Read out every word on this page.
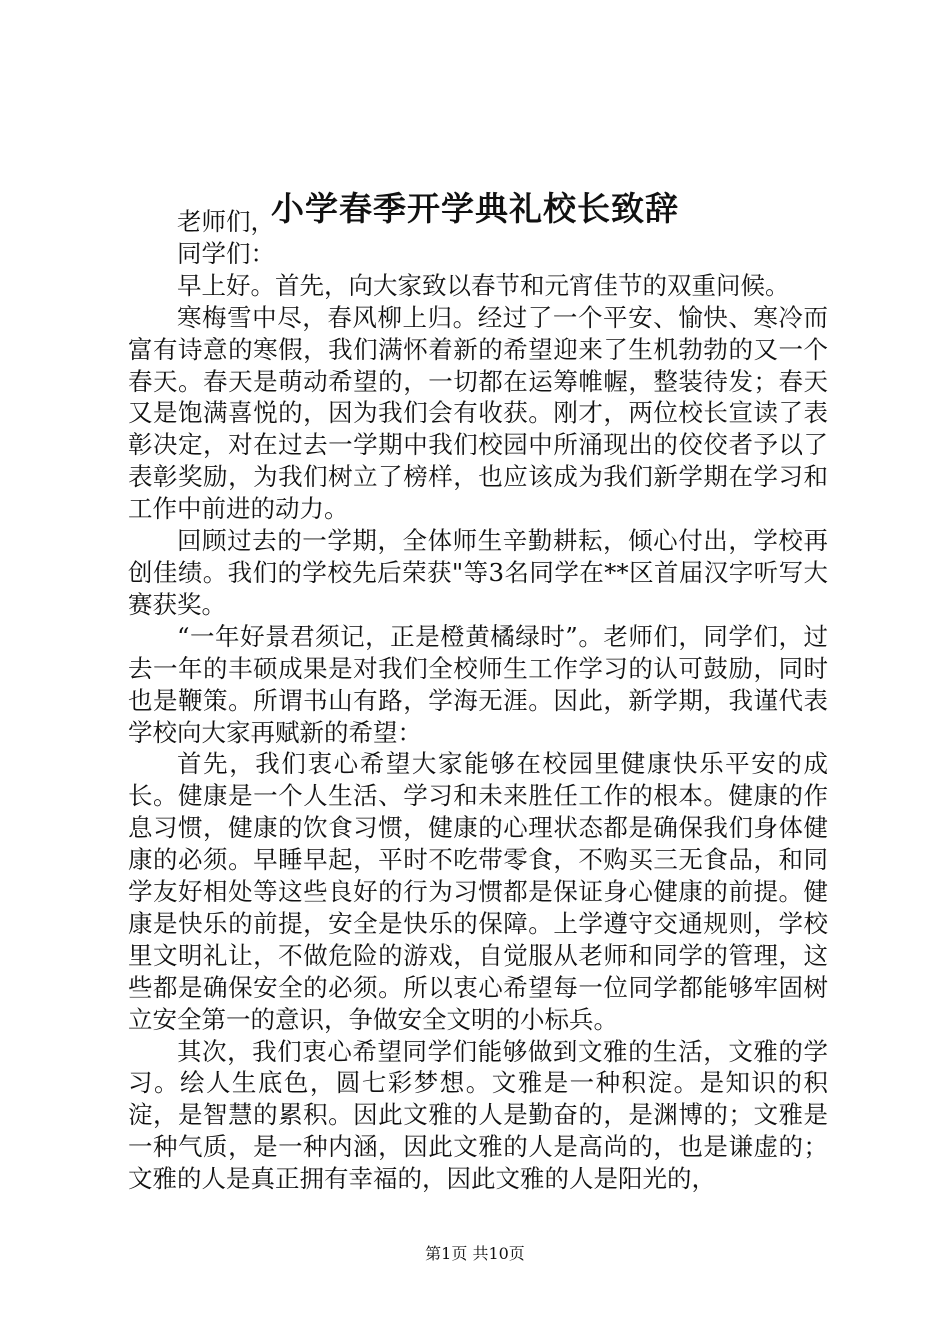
小学春季开学典礼校长致辞

老师们，

同学们：

早上好。首先，向大家致以春节和元宵佳节的双重问候。

寒梅雪中尽，春风柳上归。经过了一个平安、愉快、寒冷而富有诗意的寒假，我们满怀着新的希望迎来了生机勃勃的又一个春天。春天是萌动希望的，一切都在运筹帷幄，整装待发；春天又是饱满喜悦的，因为我们会有收获。刚才，两位校长宣读了表彰决定，对在过去一学期中我们校园中所涌现出的佼佼者予以了表彰奖励，为我们树立了榜样，也应该成为我们新学期在学习和工作中前进的动力。

回顾过去的一学期，全体师生辛勤耕耘，倾心付出，学校再创佳绩。我们的学校先后荣获"等3名同学在**区首届汉字听写大赛获奖。

“一年好景君须记，正是橙黄橘绿时”。老师们，同学们，过去一年的丰硕成果是对我们全校师生工作学习的认可鼓励，同时也是鞭策。所谓书山有路，学海无涯。因此，新学期，我谨代表学校向大家再赋新的希望：

首先，我们衷心希望大家能够在校园里健康快乐平安的成长。健康是一个人生活、学习和未来胜任工作的根本。健康的作息习惯，健康的饮食习惯，健康的心理状态都是确保我们身体健康的必须。早睡早起，平时不吃带零食，不购买三无食品，和同学友好相处等这些良好的行为习惯都是保证身心健康的前提。健康是快乐的前提，安全是快乐的保障。上学遵守交通规则，学校里文明礼让，不做危险的游戏，自觉服从老师和同学的管理，这些都是确保安全的必须。所以衷心希望每一位同学都能够牢固树立安全第一的意识，争做安全文明的小标兵。

其次，我们衷心希望同学们能够做到文雅的生活，文雅的学习。绘人生底色，圆七彩梦想。文雅是一种积淀。是知识的积淀，是智慧的累积。因此文雅的人是勤奋的，是渊博的；文雅是一种气质，是一种内涵，因此文雅的人是高尚的，也是谦虚的；文雅的人是真正拥有幸福的，因此文雅的人是阳光的，

第1页 共10页
